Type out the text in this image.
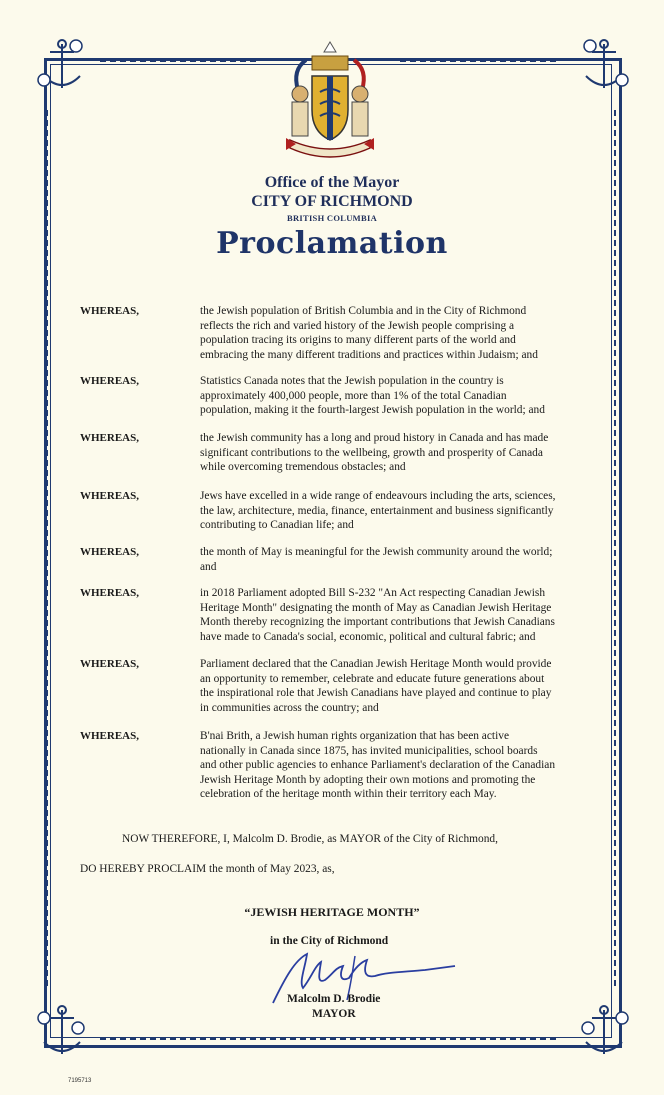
Office of the Mayor
CITY OF RICHMOND
BRITISH COLUMBIA
Proclamation
WHEREAS,	the Jewish population of British Columbia and in the City of Richmond
reflects the rich and varied history of the Jewish people comprising a
population tracing its origins to many different parts of the world and
embracing the many different traditions and practices within Judaism; and
WHEREAS,	Statistics Canada notes that the Jewish population in the country is
approximately 400,000 people, more than 1% of the total Canadian
population, making it the fourth-largest Jewish population in the world; and
WHEREAS,	the Jewish community has a long and proud history in Canada and has made
significant contributions to the wellbeing, growth and prosperity of Canada
while overcoming tremendous obstacles; and
WHEREAS,	Jews have excelled in a wide range of endeavours including the arts, sciences,
the law, architecture, media, finance, entertainment and business significantly
contributing to Canadian life; and
WHEREAS,	the month of May is meaningful for the Jewish community around the world;
and
WHEREAS,	in 2018 Parliament adopted Bill S-232 "An Act respecting Canadian Jewish
Heritage Month" designating the month of May as Canadian Jewish Heritage
Month thereby recognizing the important contributions that Jewish Canadians
have made to Canada's social, economic, political and cultural fabric; and
WHEREAS,	Parliament declared that the Canadian Jewish Heritage Month would provide
an opportunity to remember, celebrate and educate future generations about
the inspirational role that Jewish Canadians have played and continue to play
in communities across the country; and
WHEREAS,	B'nai Brith, a Jewish human rights organization that has been active
nationally in Canada since 1875, has invited municipalities, school boards
and other public agencies to enhance Parliament's declaration of the Canadian
Jewish Heritage Month by adopting their own motions and promoting the
celebration of the heritage month within their territory each May.
NOW THEREFORE, I, Malcolm D. Brodie, as MAYOR of the City of Richmond,
DO HEREBY PROCLAIM the month of May 2023, as,
“JEWISH HERITAGE MONTH”
in the City of Richmond
Malcolm D. Brodie
MAYOR
7195713
